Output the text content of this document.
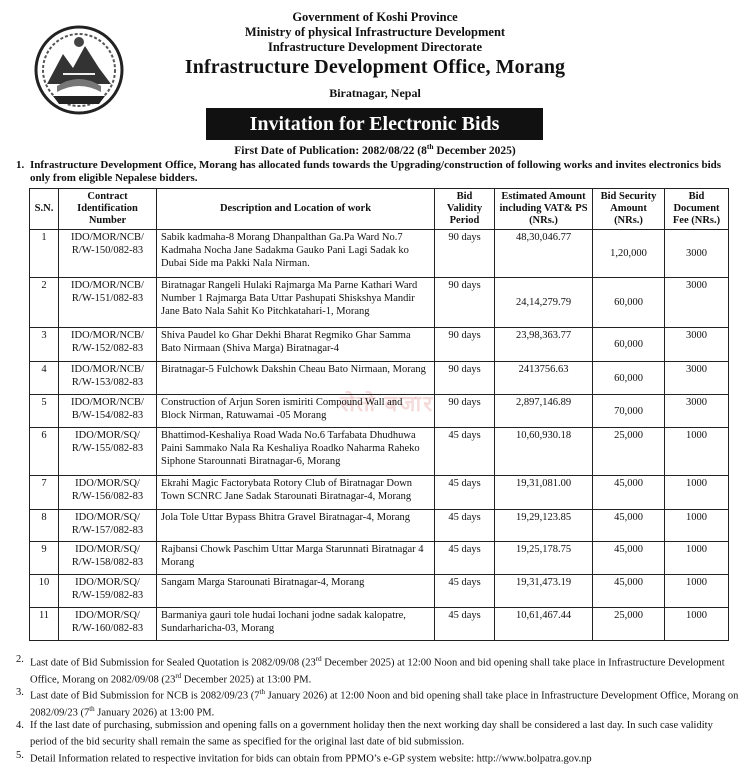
Government of Koshi Province
Ministry of physical Infrastructure Development
Infrastructure Development Directorate
Infrastructure Development Office, Morang
Biratnagar, Nepal
Invitation for Electronic Bids
First Date of Publication: 2082/08/22 (8th December 2025)
1. Infrastructure Development Office, Morang has allocated funds towards the Upgrading/construction of following works and invites electronics bids only from eligible Nepalese bidders.
सेतो बजार
S.N.	Contract Identification Number	Description and Location of work	Bid Validity Period	Estimated Amount including VAT& PS (NRs.)	Bid Security Amount (NRs.)	Bid Document Fee (NRs.)
1	IDO/MOR/NCB/
R/W-150/082-83	Sabik kadmaha-8 Morang Dhanpalthan Ga.Pa Ward No.7 Kadmaha Nocha Jane Sadakma Gauko Pani Lagi Sadak ko Dubai Side ma Pakki Nala Nirman.	90 days	48,30,046.77	1,20,000	3000
2	IDO/MOR/NCB/
R/W-151/082-83	Biratnagar Rangeli Hulaki Rajmarga Ma Parne Kathari Ward Number 1 Rajmarga Bata Uttar Pashupati Shiskshya Mandir Jane Bato Nala Sahit Ko Pitchkatahari-1, Morang	90 days	24,14,279.79	60,000	3000
3	IDO/MOR/NCB/
R/W-152/082-83	Shiva Paudel ko Ghar Dekhi Bharat Regmiko Ghar Samma Bato Nirmaan (Shiva Marga) Biratnagar-4	90 days	23,98,363.77	60,000	3000
4	IDO/MOR/NCB/
R/W-153/082-83	Biratnagar-5 Fulchowk Dakshin Cheau Bato Nirmaan, Morang	90 days	2413756.63	60,000	3000
5	IDO/MOR/NCB/
B/W-154/082-83	Construction of Arjun Soren ismiriti Compound Wall and Block Nirman, Ratuwamai -05 Morang	90 days	2,897,146.89	70,000	3000
6	IDO/MOR/SQ/
R/W-155/082-83	Bhattimod-Keshaliya Road Wada No.6 Tarfabata Dhudhuwa Paini Sammako Nala Ra Keshaliya Roadko Naharma Raheko Siphone Starounnati Biratnagar-6, Morang	45 days	10,60,930.18	25,000	1000
7	IDO/MOR/SQ/
R/W-156/082-83	Ekrahi Magic Factorybata Rotory Club of Biratnagar Down Town SCNRC Jane Sadak Starounati Biratnagar-4, Morang	45 days	19,31,081.00	45,000	1000
8	IDO/MOR/SQ/
R/W-157/082-83	Jola Tole Uttar Bypass Bhitra Gravel Biratnagar-4, Morang	45 days	19,29,123.85	45,000	1000
9	IDO/MOR/SQ/
R/W-158/082-83	Rajbansi Chowk Paschim Uttar Marga Starunnati Biratnagar 4 Morang	45 days	19,25,178.75	45,000	1000
10	IDO/MOR/SQ/
R/W-159/082-83	Sangam Marga Starounati Biratnagar-4, Morang	45 days	19,31,473.19	45,000	1000
11	IDO/MOR/SQ/
R/W-160/082-83	Barmaniya gauri tole hudai lochani jodne sadak kalopatre, Sundarharicha-03, Morang	45 days	10,61,467.44	25,000	1000
2. Last date of Bid Submission for Sealed Quotation is 2082/09/08 (23rd December 2025) at 12:00 Noon and bid opening shall take place in Infrastructure Development Office, Morang on 2082/09/08 (23rd December 2025) at 13:00 PM.
3. Last date of Bid Submission for NCB is 2082/09/23 (7th January 2026) at 12:00 Noon and bid opening shall take place in Infrastructure Development Office, Morang on 2082/09/23 (7th January 2026) at 13:00 PM.
4. If the last date of purchasing, submission and opening falls on a government holiday then the next working day shall be considered a last day. In such case validity period of the bid security shall remain the same as specified for the original last date of bid submission.
5. Detail Information related to respective invitation for bids can obtain from PPMO’s e-GP system website: http://www.bolpatra.gov.np
